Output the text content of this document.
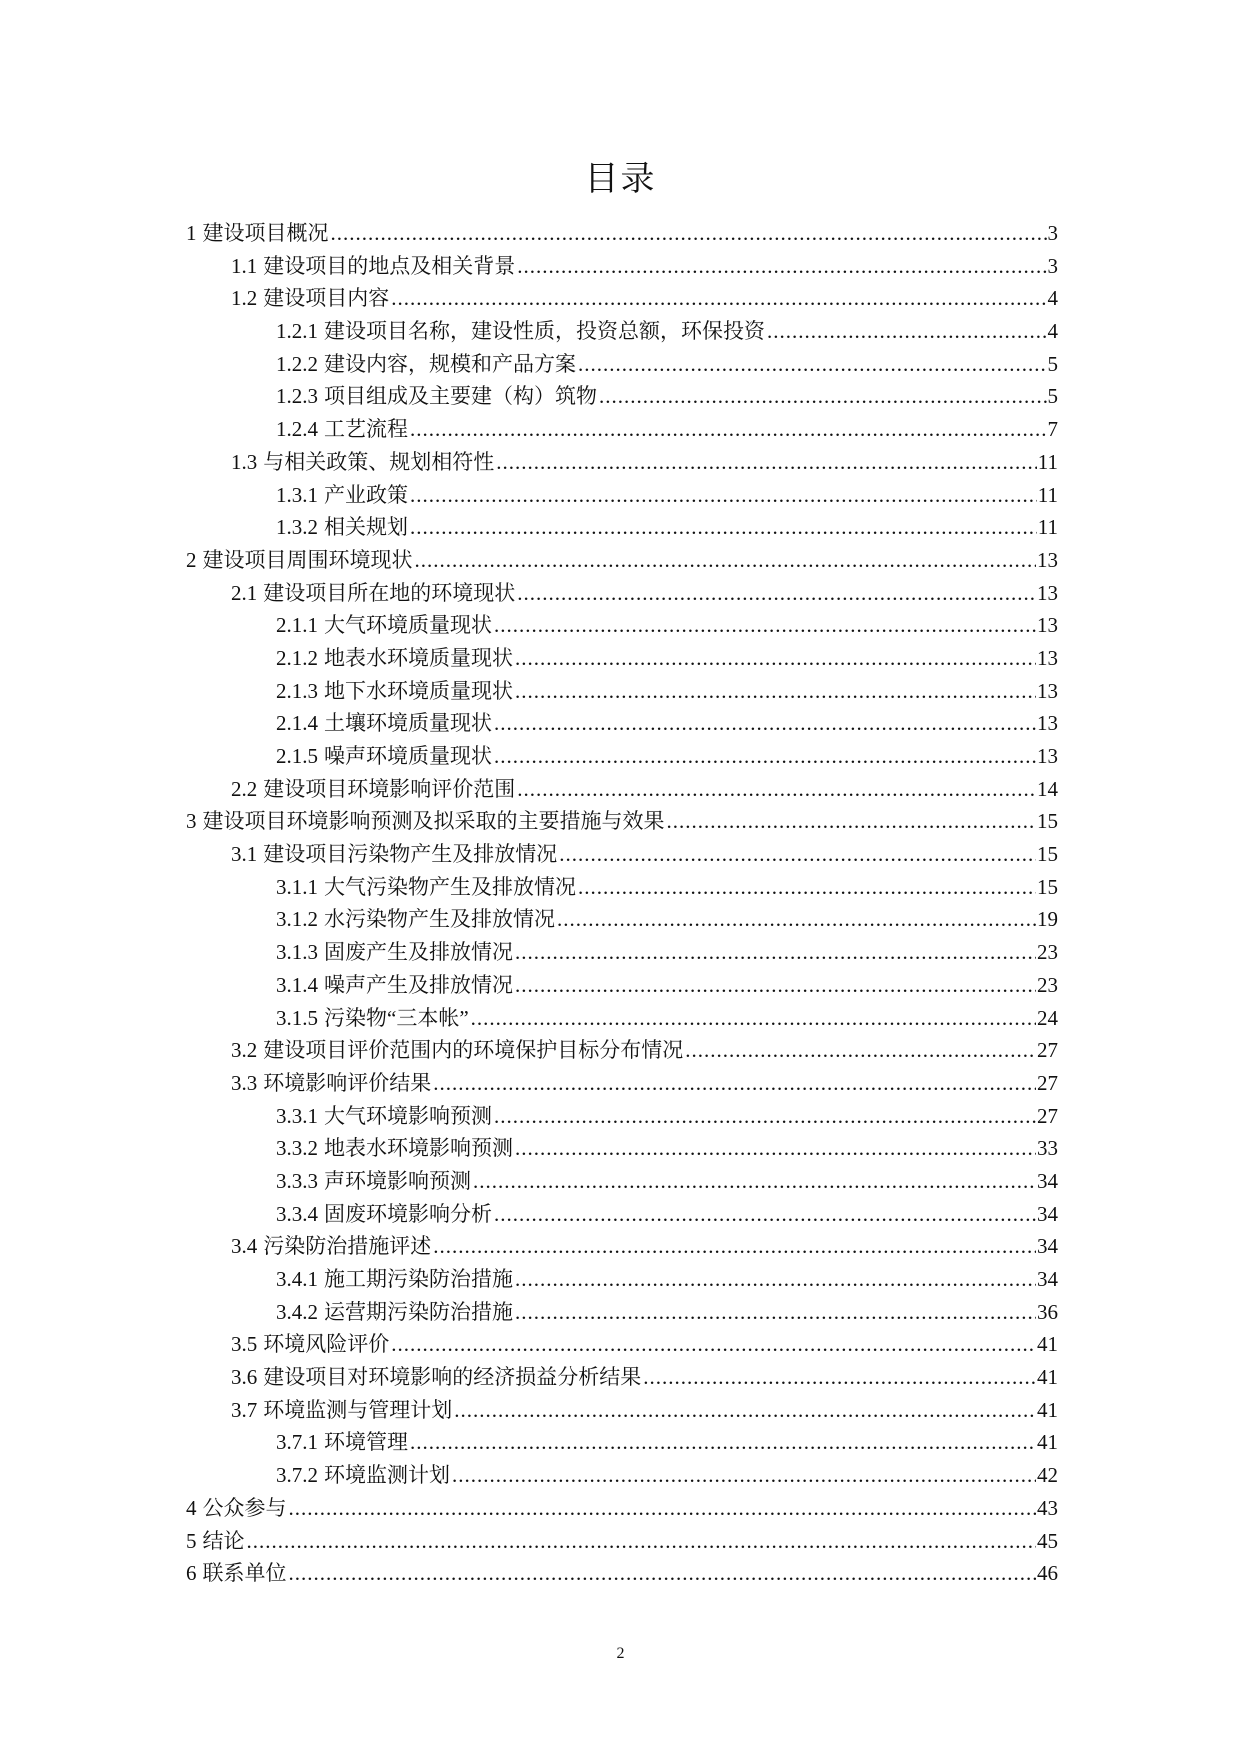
目录
1 建设项目概况 .....	3
1.1 建设项目的地点及相关背景 .....	3
1.2 建设项目内容 .....	4
1.2.1 建设项目名称，建设性质，投资总额，环保投资 .....	4
1.2.2 建设内容，规模和产品方案 .....	5
1.2.3 项目组成及主要建（构）筑物 .....	5
1.2.4 工艺流程 .....	7
1.3 与相关政策、规划相符性 .....	11
1.3.1 产业政策 .....	11
1.3.2 相关规划 .....	11
2 建设项目周围环境现状 .....	13
2.1 建设项目所在地的环境现状 .....	13
2.1.1 大气环境质量现状 .....	13
2.1.2 地表水环境质量现状 .....	13
2.1.3 地下水环境质量现状 .....	13
2.1.4 土壤环境质量现状 .....	13
2.1.5 噪声环境质量现状 .....	13
2.2 建设项目环境影响评价范围 .....	14
3 建设项目环境影响预测及拟采取的主要措施与效果 .....	15
3.1 建设项目污染物产生及排放情况 .....	15
3.1.1 大气污染物产生及排放情况 .....	15
3.1.2 水污染物产生及排放情况 .....	19
3.1.3 固废产生及排放情况 .....	23
3.1.4 噪声产生及排放情况 .....	23
3.1.5 污染物“三本帐” .....	24
3.2 建设项目评价范围内的环境保护目标分布情况 .....	27
3.3 环境影响评价结果 .....	27
3.3.1 大气环境影响预测 .....	27
3.3.2 地表水环境影响预测 .....	33
3.3.3 声环境影响预测 .....	34
3.3.4 固废环境影响分析 .....	34
3.4 污染防治措施评述 .....	34
3.4.1 施工期污染防治措施 .....	34
3.4.2 运营期污染防治措施 .....	36
3.5 环境风险评价 .....	41
3.6 建设项目对环境影响的经济损益分析结果 .....	41
3.7 环境监测与管理计划 .....	41
3.7.1 环境管理 .....	41
3.7.2 环境监测计划 .....	42
4 公众参与 .....	43
5 结论 .....	45
6 联系单位 .....	46
2
